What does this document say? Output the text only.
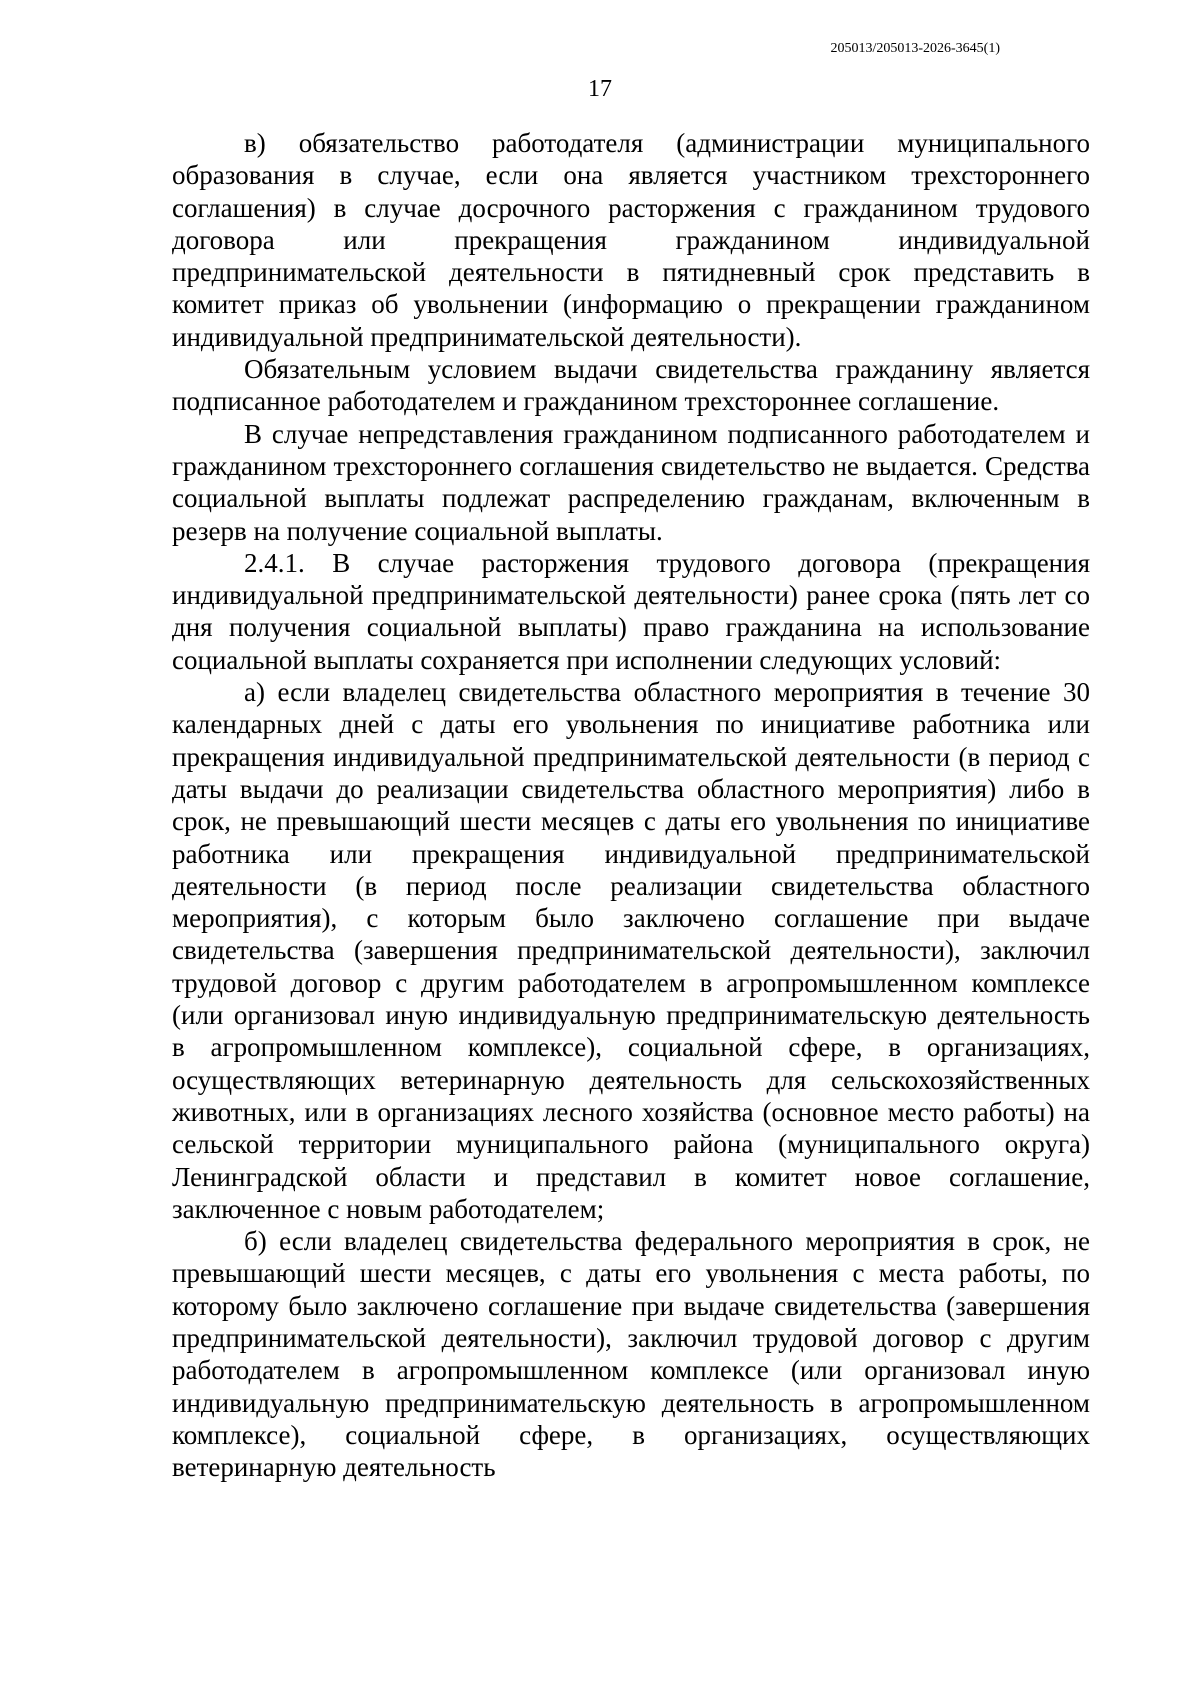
205013/205013-2026-3645(1)
17

в) обязательство работодателя (администрации муниципального образования в случае, если она является участником трехстороннего соглашения) в случае досрочного расторжения с гражданином трудового договора или прекращения гражданином индивидуальной предпринимательской деятельности в пятидневный срок представить в комитет приказ об увольнении (информацию о прекращении гражданином индивидуальной предпринимательской деятельности).

Обязательным условием выдачи свидетельства гражданину является подписанное работодателем и гражданином трехстороннее соглашение.

В случае непредставления гражданином подписанного работодателем и гражданином трехстороннего соглашения свидетельство не выдается. Средства социальной выплаты подлежат распределению гражданам, включенным в резерв на получение социальной выплаты.

2.4.1. В случае расторжения трудового договора (прекращения индивидуальной предпринимательской деятельности) ранее срока (пять лет со дня получения социальной выплаты) право гражданина на использование социальной выплаты сохраняется при исполнении следующих условий:

а) если владелец свидетельства областного мероприятия в течение 30 календарных дней с даты его увольнения по инициативе работника или прекращения индивидуальной предпринимательской деятельности (в период с даты выдачи до реализации свидетельства областного мероприятия) либо в срок, не превышающий шести месяцев с даты его увольнения по инициативе работника или прекращения индивидуальной предпринимательской деятельности (в период после реализации свидетельства областного мероприятия), с которым было заключено соглашение при выдаче свидетельства (завершения предпринимательской деятельности), заключил трудовой договор с другим работодателем в агропромышленном комплексе (или организовал иную индивидуальную предпринимательскую деятельность в агропромышленном комплексе), социальной сфере, в организациях, осуществляющих ветеринарную деятельность для сельскохозяйственных животных, или в организациях лесного хозяйства (основное место работы) на сельской территории муниципального района (муниципального округа) Ленинградской области и представил в комитет новое соглашение, заключенное с новым работодателем;

б) если владелец свидетельства федерального мероприятия в срок, не превышающий шести месяцев, с даты его увольнения с места работы, по которому было заключено соглашение при выдаче свидетельства (завершения предпринимательской деятельности), заключил трудовой договор с другим работодателем в агропромышленном комплексе (или организовал иную индивидуальную предпринимательскую деятельность в агропромышленном комплексе), социальной сфере, в организациях, осуществляющих ветеринарную деятельность
